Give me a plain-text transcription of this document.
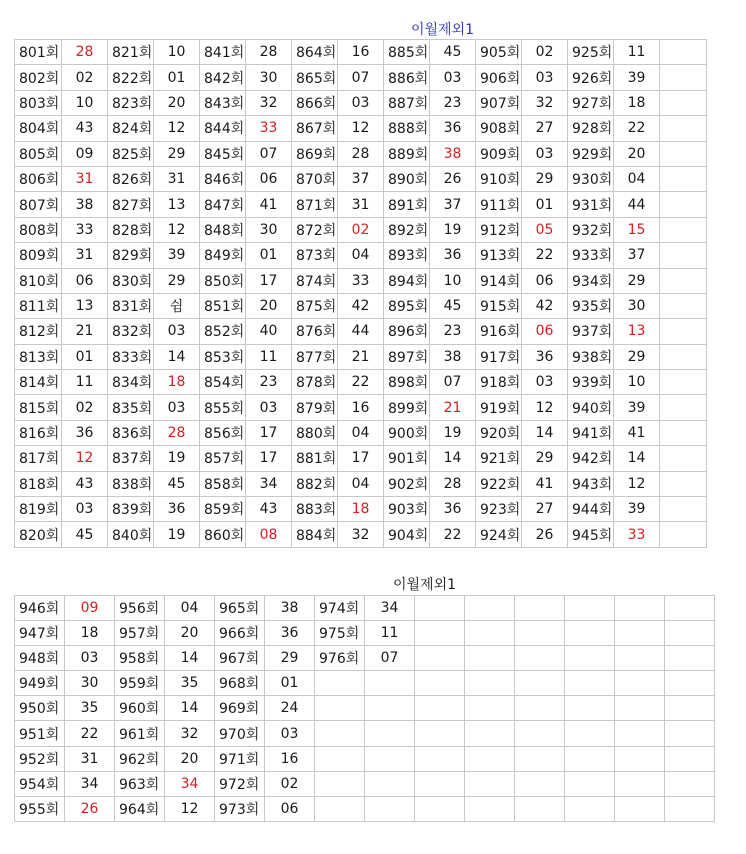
이월제외1
801회	28	821회	10	841회	28	864회	16	885회	45	905회	02	925회	11	
802회	02	822회	01	842회	30	865회	07	886회	03	906회	03	926회	39	
803회	10	823회	20	843회	32	866회	03	887회	23	907회	32	927회	18	
804회	43	824회	12	844회	33	867회	12	888회	36	908회	27	928회	22	
805회	09	825회	29	845회	07	869회	28	889회	38	909회	03	929회	20	
806회	31	826회	31	846회	06	870회	37	890회	26	910회	29	930회	04	
807회	38	827회	13	847회	41	871회	31	891회	37	911회	01	931회	44	
808회	33	828회	12	848회	30	872회	02	892회	19	912회	05	932회	15	
809회	31	829회	39	849회	01	873회	04	893회	36	913회	22	933회	37	
810회	06	830회	29	850회	17	874회	33	894회	10	914회	06	934회	29	
811회	13	831회	쉼	851회	20	875회	42	895회	45	915회	42	935회	30	
812회	21	832회	03	852회	40	876회	44	896회	23	916회	06	937회	13	
813회	01	833회	14	853회	11	877회	21	897회	38	917회	36	938회	29	
814회	11	834회	18	854회	23	878회	22	898회	07	918회	03	939회	10	
815회	02	835회	03	855회	03	879회	16	899회	21	919회	12	940회	39	
816회	36	836회	28	856회	17	880회	04	900회	19	920회	14	941회	41	
817회	12	837회	19	857회	17	881회	17	901회	14	921회	29	942회	14	
818회	43	838회	45	858회	34	882회	04	902회	28	922회	41	943회	12	
819회	03	839회	36	859회	43	883회	18	903회	36	923회	27	944회	39	
820회	45	840회	19	860회	08	884회	32	904회	22	924회	26	945회	33	
이월제외1
946회	09	956회	04	965회	38	974회	34						
947회	18	957회	20	966회	36	975회	11						
948회	03	958회	14	967회	29	976회	07						
949회	30	959회	35	968회	01								
950회	35	960회	14	969회	24								
951회	22	961회	32	970회	03								
952회	31	962회	20	971회	16								
954회	34	963회	34	972회	02								
955회	26	964회	12	973회	06								
